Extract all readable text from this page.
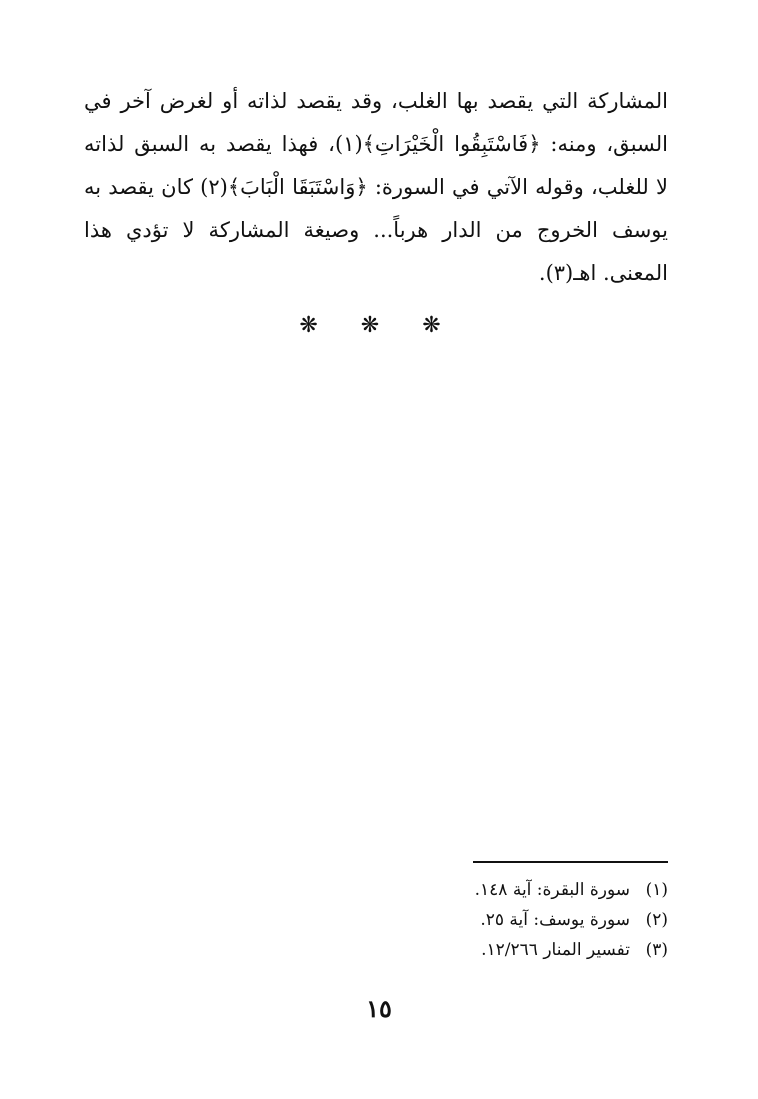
المشاركة التي يقصد بها الغلب، وقد يقصد لذاته أو لغرض آخر في
السبق، ومنه: ﴿فَاسْتَبِقُوا الْخَيْرَاتِ﴾(١)، فهذا يقصد به السبق لذاته
لا للغلب، وقوله الآتي في السورة: ﴿وَاسْتَبَقَا الْبَابَ﴾(٢) كان يقصد به
يوسف الخروج من الدار هرباً... وصيغة المشاركة لا تؤدي هذا
المعنى. اهـ(٣).
❋ ❋ ❋
(١)سورة البقرة: آية ١٤٨.
(٢)سورة يوسف: آية ٢٥.
(٣)تفسير المنار ١٢/٢٦٦.
١٥
